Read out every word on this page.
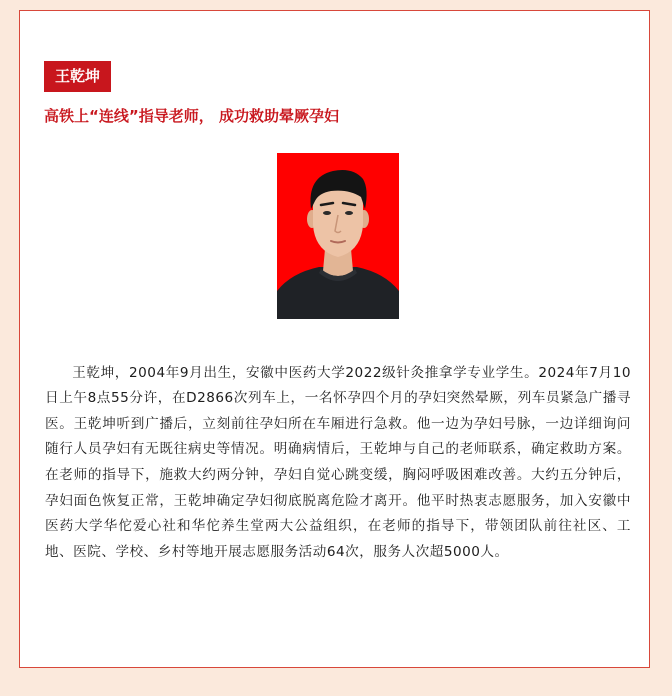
王乾坤
高铁上“连线”指导老师， 成功救助晕厥孕妇

王乾坤，2004年9月出生，安徽中医药大学2022级针灸推拿学专业学生。2024年7月10日上午8点55分许，在D2866次列车上，一名怀孕四个月的孕妇突然晕厥，列车员紧急广播寻医。王乾坤听到广播后，立刻前往孕妇所在车厢进行急救。他一边为孕妇号脉，一边详细询问随行人员孕妇有无既往病史等情况。明确病情后，王乾坤与自己的老师联系，确定救助方案。在老师的指导下，施救大约两分钟，孕妇自觉心跳变缓，胸闷呼吸困难改善。大约五分钟后，孕妇面色恢复正常，王乾坤确定孕妇彻底脱离危险才离开。他平时热衷志愿服务，加入安徽中医药大学华佗爱心社和华佗养生堂两大公益组织，在老师的指导下，带领团队前往社区、工地、医院、学校、乡村等地开展志愿服务活动64次，服务人次超5000人。
